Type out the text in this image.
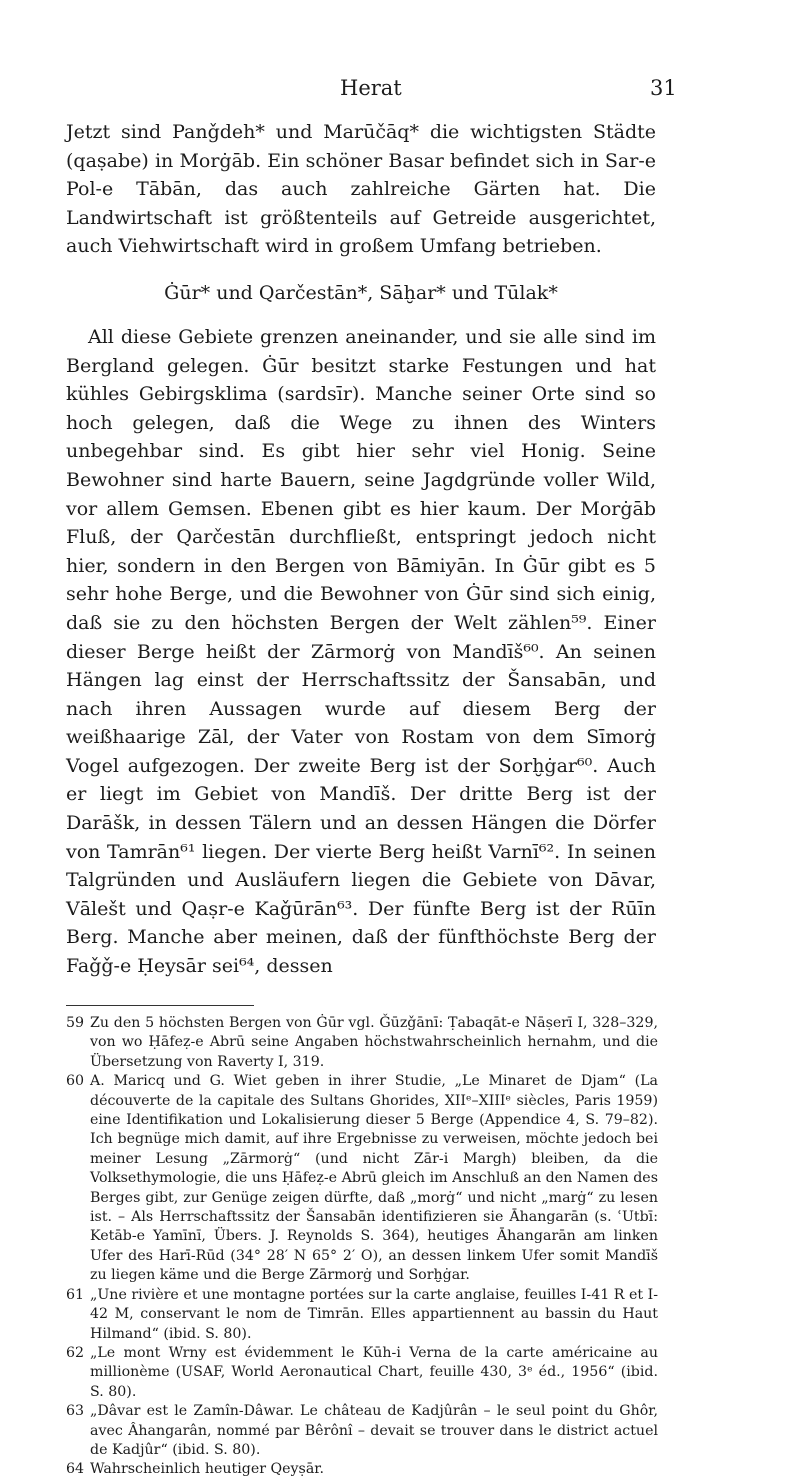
Herat	31

Jetzt sind Panǧdeh* und Marūčāq* die wichtigsten Städte (qaṣabe) in Morġāb. Ein schöner Basar befindet sich in Sar-e Pol-e Tābān, das auch zahlreiche Gärten hat. Die Landwirtschaft ist größtenteils auf Getreide ausgerichtet, auch Viehwirtschaft wird in großem Umfang betrieben.

Ġūr* und Qarčestān*, Sāḫar* und Tūlak*

All diese Gebiete grenzen aneinander, und sie alle sind im Bergland gelegen. Ġūr besitzt starke Festungen und hat kühles Gebirgsklima (sardsīr). Manche seiner Orte sind so hoch gelegen, daß die Wege zu ihnen des Winters unbegehbar sind. Es gibt hier sehr viel Honig. Seine Bewohner sind harte Bauern, seine Jagdgründe voller Wild, vor allem Gemsen. Ebenen gibt es hier kaum. Der Morġāb Fluß, der Qarčestān durchfließt, entspringt jedoch nicht hier, sondern in den Bergen von Bāmiyān. In Ġūr gibt es 5 sehr hohe Berge, und die Bewohner von Ġūr sind sich einig, daß sie zu den höchsten Bergen der Welt zählen⁵⁹. Einer dieser Berge heißt der Zārmorġ von Mandīš⁶⁰. An seinen Hängen lag einst der Herrschaftssitz der Šansabān, und nach ihren Aussagen wurde auf diesem Berg der weißhaarige Zāl, der Vater von Rostam von dem Sīmorġ Vogel aufgezogen. Der zweite Berg ist der Sorḫġar⁶⁰. Auch er liegt im Gebiet von Mandīš. Der dritte Berg ist der Darāšk, in dessen Tälern und an dessen Hängen die Dörfer von Tamrān⁶¹ liegen. Der vierte Berg heißt Varnī⁶². In seinen Talgründen und Ausläufern liegen die Gebiete von Dāvar, Vālešt und Qaṣr-e Kaǧūrān⁶³. Der fünfte Berg ist der Rūīn Berg. Manche aber meinen, daß der fünfthöchste Berg der Faǧǧ-e Ḥeysār sei⁶⁴, dessen

59 Zu den 5 höchsten Bergen von Ġūr vgl. Ǧūzǧānī: Ṭabaqāt-e Nāṣerī I, 328–329, von wo Ḥāfeẓ-e Abrū seine Angaben höchstwahrscheinlich hernahm, und die Übersetzung von Raverty I, 319.
60 A. Maricq und G. Wiet geben in ihrer Studie, „Le Minaret de Djam“ (La découverte de la capitale des Sultans Ghorides, XIIᵉ–XIIIᵉ siècles, Paris 1959) eine Identifikation und Lokalisierung dieser 5 Berge (Appendice 4, S. 79–82). Ich begnüge mich damit, auf ihre Ergebnisse zu verweisen, möchte jedoch bei meiner Lesung „Zārmorġ“ (und nicht Zār-i Margh) bleiben, da die Volksethymologie, die uns Ḥāfeẓ-e Abrū gleich im Anschluß an den Namen des Berges gibt, zur Genüge zeigen dürfte, daß „morġ“ und nicht „marġ“ zu lesen ist. – Als Herrschaftssitz der Šansabān identifizieren sie Āhangarān (s. ʿUtbī: Ketāb-e Yamīnī, Übers. J. Reynolds S. 364), heutiges Āhangarān am linken Ufer des Harī-Rūd (34° 28′ N 65° 2′ O), an dessen linkem Ufer somit Mandīš zu liegen käme und die Berge Zārmorġ und Sorḫġar.
61 „Une rivière et une montagne portées sur la carte anglaise, feuilles I-41 R et I-42 M, conservant le nom de Timrān. Elles appartiennent au bassin du Haut Hilmand“ (ibid. S. 80).
62 „Le mont Wrny est évidemment le Kūh-i Verna de la carte américaine au millionème (USAF, World Aeronautical Chart, feuille 430, 3ᵉ éd., 1956“ (ibid. S. 80).
63 „Dâvar est le Zamîn-Dâwar. Le château de Kadjûrân – le seul point du Ghôr, avec Âhangarân, nommé par Bêrônî – devait se trouver dans le district actuel de Kadjûr“ (ibid. S. 80).
64 Wahrscheinlich heutiger Qeyṣār.
